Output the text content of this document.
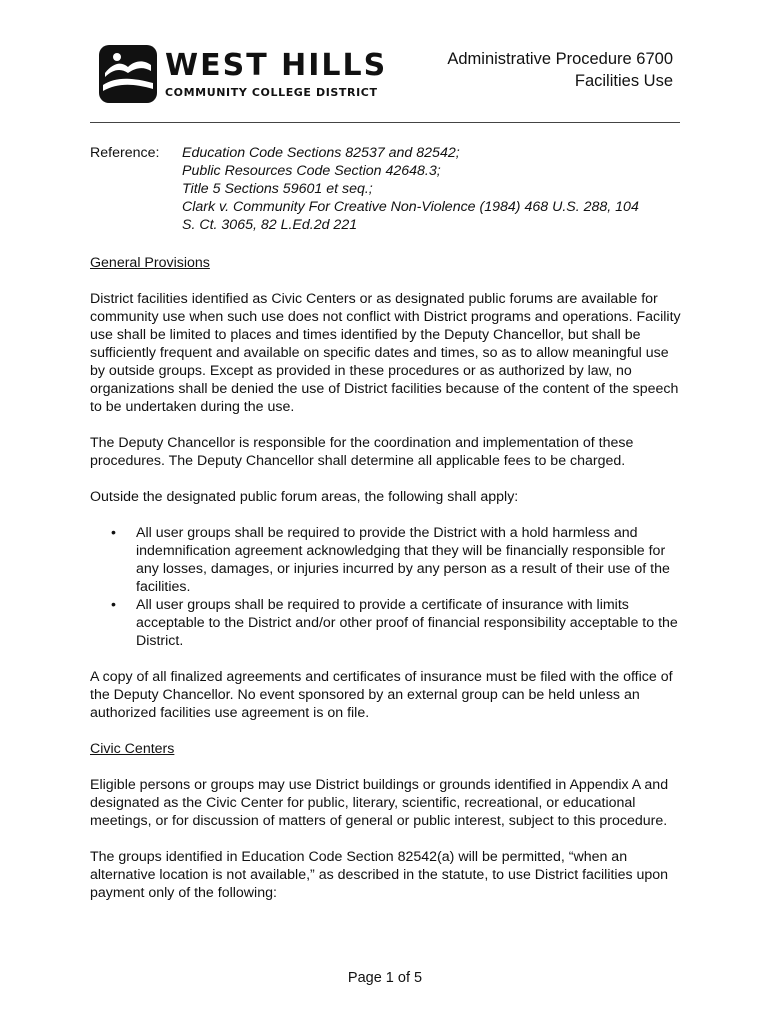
WEST HILLS
COMMUNITY COLLEGE DISTRICT
Administrative Procedure 6700
Facilities Use
Reference: Education Code Sections 82537 and 82542;
Public Resources Code Section 42648.3;
Title 5 Sections 59601 et seq.;
Clark v. Community For Creative Non-Violence (1984) 468 U.S. 288, 104
S. Ct. 3065, 82 L.Ed.2d 221
General Provisions

District facilities identified as Civic Centers or as designated public forums are available for community use when such use does not conflict with District programs and operations. Facility use shall be limited to places and times identified by the Deputy Chancellor, but shall be sufficiently frequent and available on specific dates and times, so as to allow meaningful use by outside groups. Except as provided in these procedures or as authorized by law, no organizations shall be denied the use of District facilities because of the content of the speech to be undertaken during the use.

The Deputy Chancellor is responsible for the coordination and implementation of these procedures. The Deputy Chancellor shall determine all applicable fees to be charged.

Outside the designated public forum areas, the following shall apply:

• All user groups shall be required to provide the District with a hold harmless and indemnification agreement acknowledging that they will be financially responsible for any losses, damages, or injuries incurred by any person as a result of their use of the facilities.
• All user groups shall be required to provide a certificate of insurance with limits acceptable to the District and/or other proof of financial responsibility acceptable to the District.

A copy of all finalized agreements and certificates of insurance must be filed with the office of the Deputy Chancellor. No event sponsored by an external group can be held unless an authorized facilities use agreement is on file.

Civic Centers

Eligible persons or groups may use District buildings or grounds identified in Appendix A and designated as the Civic Center for public, literary, scientific, recreational, or educational meetings, or for discussion of matters of general or public interest, subject to this procedure.

The groups identified in Education Code Section 82542(a) will be permitted, “when an alternative location is not available,” as described in the statute, to use District facilities upon payment only of the following:

Page 1 of 5
